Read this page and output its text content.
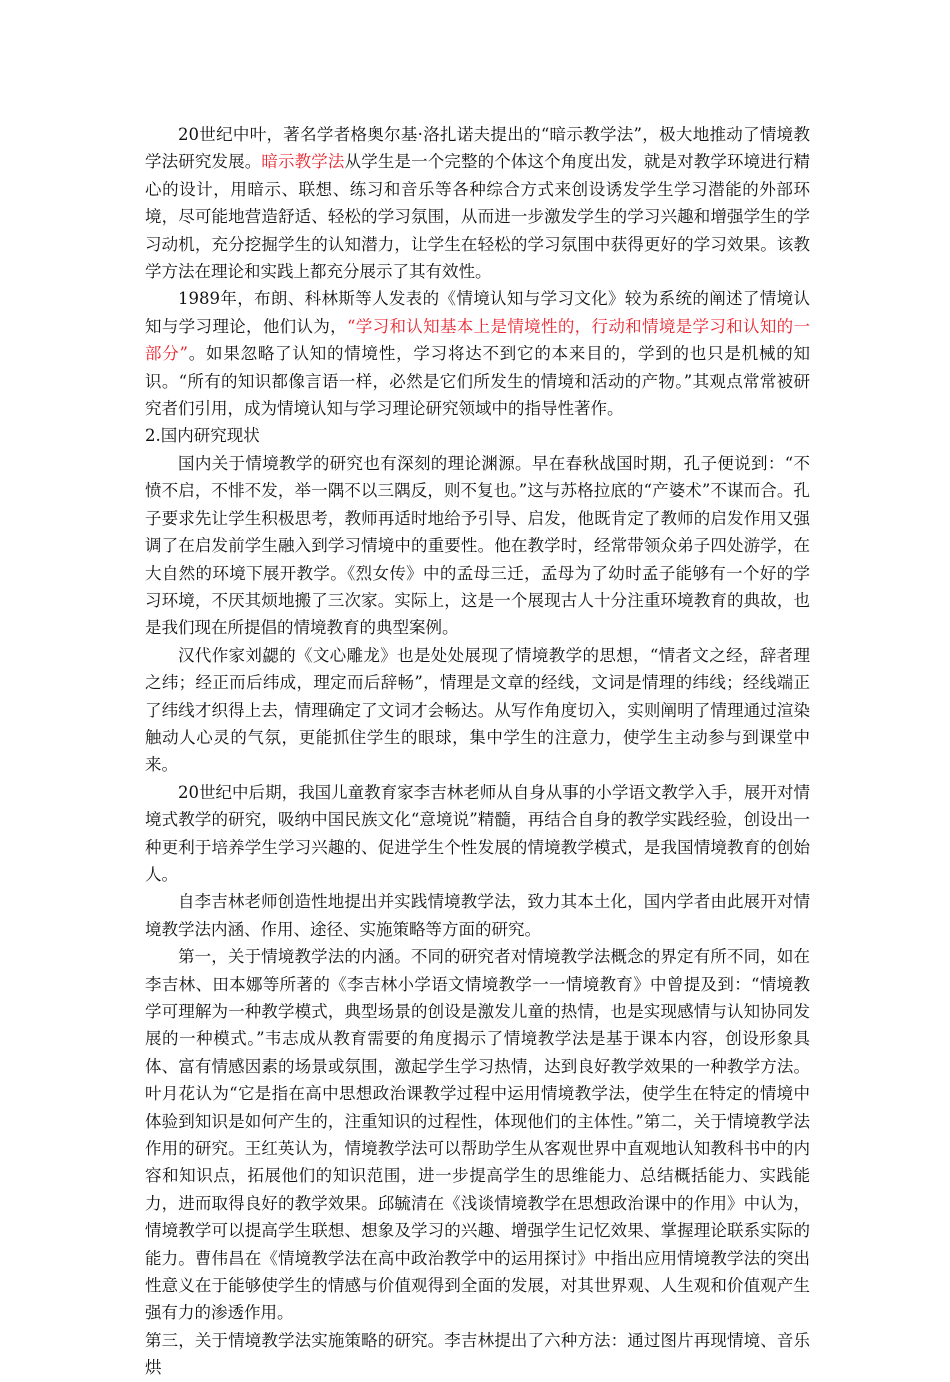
20世纪中叶，著名学者格奥尔基·洛扎诺夫提出的“暗示教学法”，极大地推动了情境教学法研究发展。暗示教学法从学生是一个完整的个体这个角度出发，就是对教学环境进行精心的设计，用暗示、联想、练习和音乐等各种综合方式来创设诱发学生学习潜能的外部环境，尽可能地营造舒适、轻松的学习氛围，从而进一步激发学生的学习兴趣和增强学生的学习动机，充分挖掘学生的认知潜力，让学生在轻松的学习氛围中获得更好的学习效果。该教学方法在理论和实践上都充分展示了其有效性。

1989年，布朗、科林斯等人发表的《情境认知与学习文化》较为系统的阐述了情境认知与学习理论，他们认为，“学习和认知基本上是情境性的，行动和情境是学习和认知的一部分”。如果忽略了认知的情境性，学习将达不到它的本来目的，学到的也只是机械的知识。“所有的知识都像言语一样，必然是它们所发生的情境和活动的产物。”其观点常常被研究者们引用，成为情境认知与学习理论研究领域中的指导性著作。

2.国内研究现状

国内关于情境教学的研究也有深刻的理论渊源。早在春秋战国时期，孔子便说到：“不愤不启，不悱不发，举一隅不以三隅反，则不复也。”这与苏格拉底的“产婆术”不谋而合。孔子要求先让学生积极思考，教师再适时地给予引导、启发，他既肯定了教师的启发作用又强调了在启发前学生融入到学习情境中的重要性。他在教学时，经常带领众弟子四处游学，在大自然的环境下展开教学。《烈女传》中的孟母三迁，孟母为了幼时孟子能够有一个好的学习环境，不厌其烦地搬了三次家。实际上，这是一个展现古人十分注重环境教育的典故，也是我们现在所提倡的情境教育的典型案例。

汉代作家刘勰的《文心雕龙》也是处处展现了情境教学的思想，“情者文之经，辞者理之纬；经正而后纬成，理定而后辞畅”，情理是文章的经线，文词是情理的纬线；经线端正了纬线才织得上去，情理确定了文词才会畅达。从写作角度切入，实则阐明了情理通过渲染触动人心灵的气氛，更能抓住学生的眼球，集中学生的注意力，使学生主动参与到课堂中来。

20世纪中后期，我国儿童教育家李吉林老师从自身从事的小学语文教学入手，展开对情境式教学的研究，吸纳中国民族文化“意境说”精髓，再结合自身的教学实践经验，创设出一种更利于培养学生学习兴趣的、促进学生个性发展的情境教学模式，是我国情境教育的创始人。

自李吉林老师创造性地提出并实践情境教学法，致力其本土化，国内学者由此展开对情境教学法内涵、作用、途径、实施策略等方面的研究。

第一，关于情境教学法的内涵。不同的研究者对情境教学法概念的界定有所不同，如在李吉林、田本娜等所著的《李吉林小学语文情境教学一一情境教育》中曾提及到：“情境教学可理解为一种教学模式，典型场景的创设是激发儿童的热情，也是实现感情与认知协同发展的一种模式。”韦志成从教育需要的角度揭示了情境教学法是基于课本内容，创设形象具体、富有情感因素的场景或氛围，激起学生学习热情，达到良好教学效果的一种教学方法。叶月花认为“它是指在高中思想政治课教学过程中运用情境教学法，使学生在特定的情境中体验到知识是如何产生的，注重知识的过程性，体现他们的主体性。”第二，关于情境教学法作用的研究。王红英认为，情境教学法可以帮助学生从客观世界中直观地认知教科书中的内容和知识点，拓展他们的知识范围，进一步提高学生的思维能力、总结概括能力、实践能力，进而取得良好的教学效果。邱毓清在《浅谈情境教学在思想政治课中的作用》中认为，情境教学可以提高学生联想、想象及学习的兴趣、增强学生记忆效果、掌握理论联系实际的能力。曹伟昌在《情境教学法在高中政治教学中的运用探讨》中指出应用情境教学法的突出性意义在于能够使学生的情感与价值观得到全面的发展，对其世界观、人生观和价值观产生强有力的渗透作用。

第三，关于情境教学法实施策略的研究。李吉林提出了六种方法：通过图片再现情境、音乐烘
